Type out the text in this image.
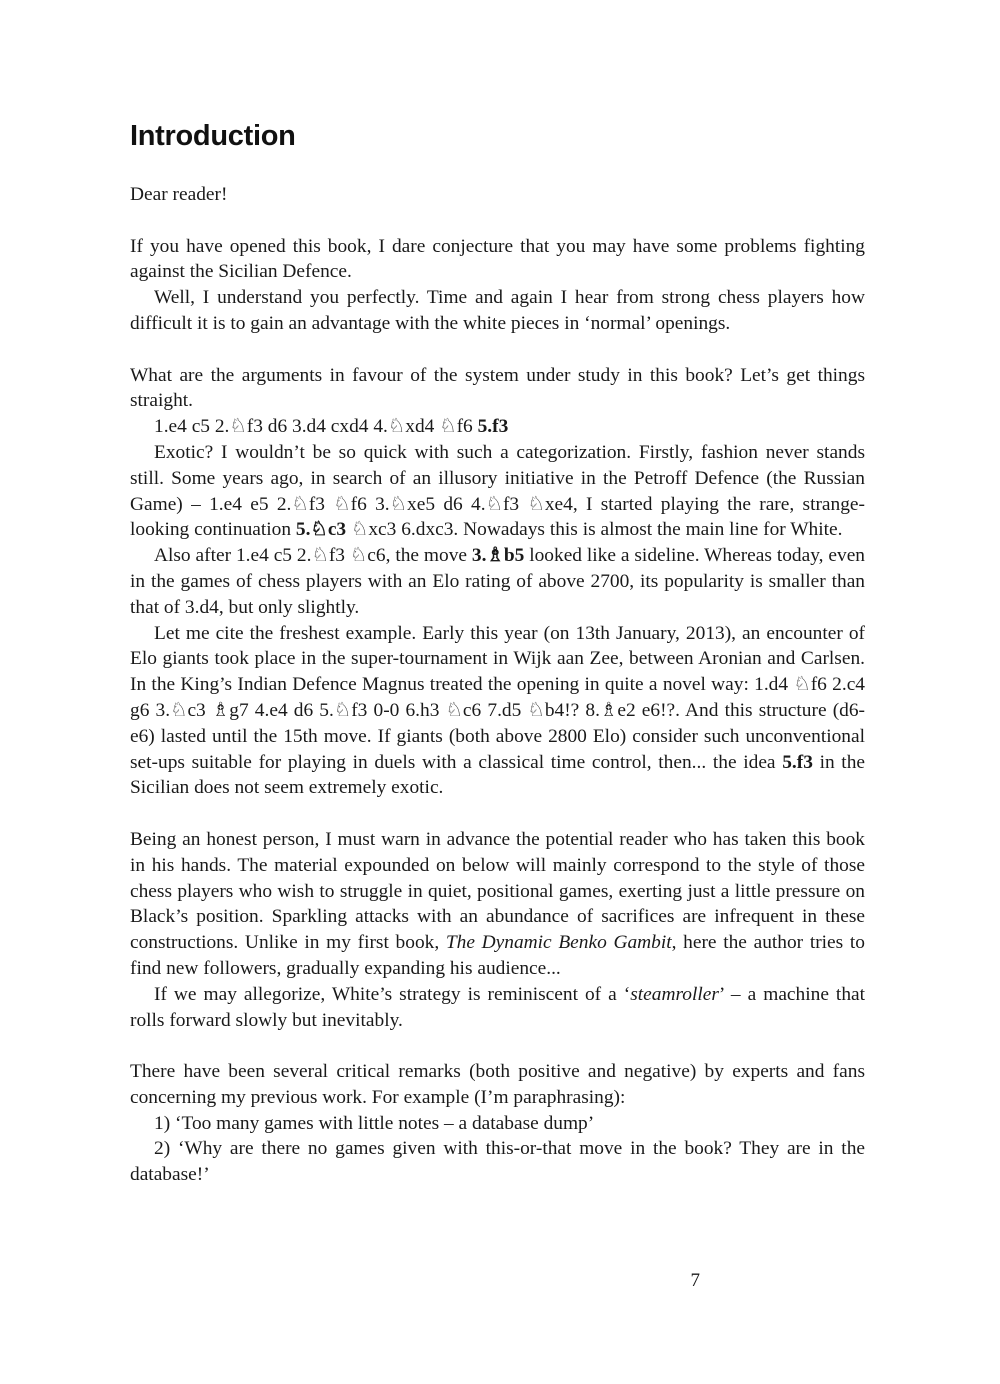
Introduction

Dear reader!

If you have opened this book, I dare conjecture that you may have some problems fighting against the Sicilian Defence.

Well, I understand you perfectly. Time and again I hear from strong chess players how difficult it is to gain an advantage with the white pieces in ‘normal’ openings.

What are the arguments in favour of the system under study in this book? Let’s get things straight.

1.e4 c5 2.♘f3 d6 3.d4 cxd4 4.♘xd4 ♘f6 5.f3

Exotic? I wouldn’t be so quick with such a categorization. Firstly, fashion never stands still. Some years ago, in search of an illusory initiative in the Petroff Defence (the Russian Game) – 1.e4 e5 2.♘f3 ♘f6 3.♘xe5 d6 4.♘f3 ♘xe4, I started playing the rare, strange-looking continuation 5.♘c3 ♘xc3 6.dxc3. Nowadays this is almost the main line for White.

Also after 1.e4 c5 2.♘f3 ♘c6, the move 3.♗b5 looked like a sideline. Whereas today, even in the games of chess players with an Elo rating of above 2700, its popularity is smaller than that of 3.d4, but only slightly.

Let me cite the freshest example. Early this year (on 13th January, 2013), an encounter of Elo giants took place in the super-tournament in Wijk aan Zee, between Aronian and Carlsen. In the King’s Indian Defence Magnus treated the opening in quite a novel way: 1.d4 ♘f6 2.c4 g6 3.♘c3 ♗g7 4.e4 d6 5.♘f3 0-0 6.h3 ♘c6 7.d5 ♘b4!? 8.♗e2 e6!?. And this structure (d6-e6) lasted until the 15th move. If giants (both above 2800 Elo) consider such unconventional set-ups suitable for playing in duels with a classical time control, then... the idea 5.f3 in the Sicilian does not seem extremely exotic.

Being an honest person, I must warn in advance the potential reader who has taken this book in his hands. The material expounded on below will mainly correspond to the style of those chess players who wish to struggle in quiet, positional games, exerting just a little pressure on Black’s position. Sparkling attacks with an abundance of sacrifices are infrequent in these constructions. Unlike in my first book, The Dynamic Benko Gambit, here the author tries to find new followers, gradually expanding his audience...

If we may allegorize, White’s strategy is reminiscent of a ‘steamroller’ – a machine that rolls forward slowly but inevitably.

There have been several critical remarks (both positive and negative) by experts and fans concerning my previous work. For example (I’m paraphrasing):

1) ‘Too many games with little notes – a database dump’

2) ‘Why are there no games given with this-or-that move in the book? They are in the database!’

7
